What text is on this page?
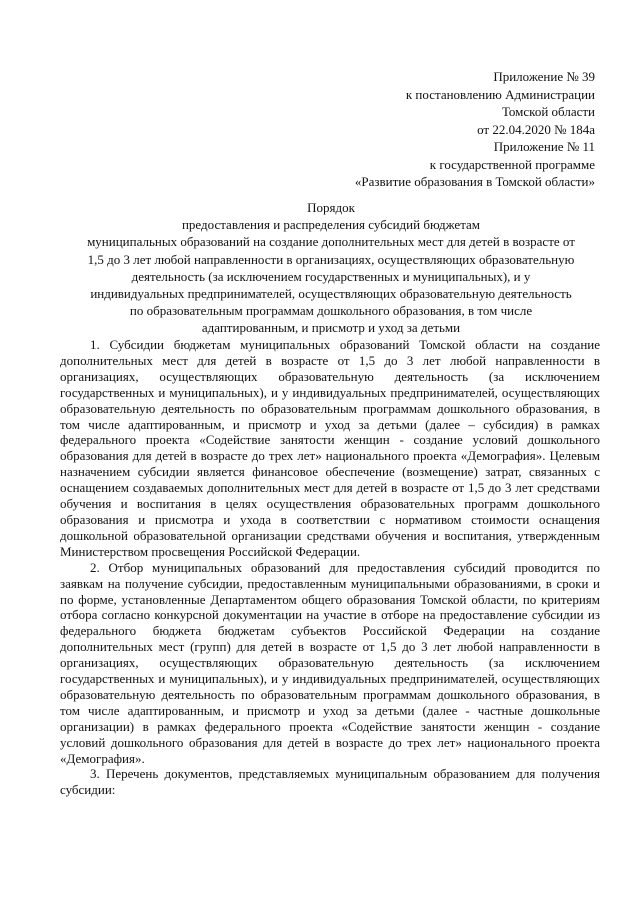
Приложение № 39
к постановлению Администрации
Томской области
от 22.04.2020 № 184а
Приложение № 11
к государственной программе
«Развитие образования в Томской области»
Порядок
предоставления и распределения субсидий бюджетам
муниципальных образований на создание дополнительных мест для детей в возрасте от
1,5 до 3 лет любой направленности в организациях, осуществляющих образовательную
деятельность (за исключением государственных и муниципальных), и у
индивидуальных предпринимателей, осуществляющих образовательную деятельность
по образовательным программам дошкольного образования, в том числе
адаптированным, и присмотр и уход за детьми

1. Субсидии бюджетам муниципальных образований Томской области на создание дополнительных мест для детей в возрасте от 1,5 до 3 лет любой направленности в организациях, осуществляющих образовательную деятельность (за исключением государственных и муниципальных), и у индивидуальных предпринимателей, осуществляющих образовательную деятельность по образовательным программам дошкольного образования, в том числе адаптированным, и присмотр и уход за детьми (далее – субсидия) в рамках федерального проекта «Содействие занятости женщин - создание условий дошкольного образования для детей в возрасте до трех лет» национального проекта «Демография». Целевым назначением субсидии является финансовое обеспечение (возмещение) затрат, связанных с оснащением создаваемых дополнительных мест для детей в возрасте от 1,5 до 3 лет средствами обучения и воспитания в целях осуществления образовательных программ дошкольного образования и присмотра и ухода в соответствии с нормативом стоимости оснащения дошкольной образовательной организации средствами обучения и воспитания, утвержденным Министерством просвещения Российской Федерации.

2. Отбор муниципальных образований для предоставления субсидий проводится по заявкам на получение субсидии, предоставленным муниципальными образованиями, в сроки и по форме, установленные Департаментом общего образования Томской области, по критериям отбора согласно конкурсной документации на участие в отборе на предоставление субсидии из федерального бюджета бюджетам субъектов Российской Федерации на создание дополнительных мест (групп) для детей в возрасте от 1,5 до 3 лет любой направленности в организациях, осуществляющих образовательную деятельность (за исключением государственных и муниципальных), и у индивидуальных предпринимателей, осуществляющих образовательную деятельность по образовательным программам дошкольного образования, в том числе адаптированным, и присмотр и уход за детьми (далее - частные дошкольные организации) в рамках федерального проекта «Содействие занятости женщин - создание условий дошкольного образования для детей в возрасте до трех лет» национального проекта «Демография».

3. Перечень документов, представляемых муниципальным образованием для получения субсидии:
